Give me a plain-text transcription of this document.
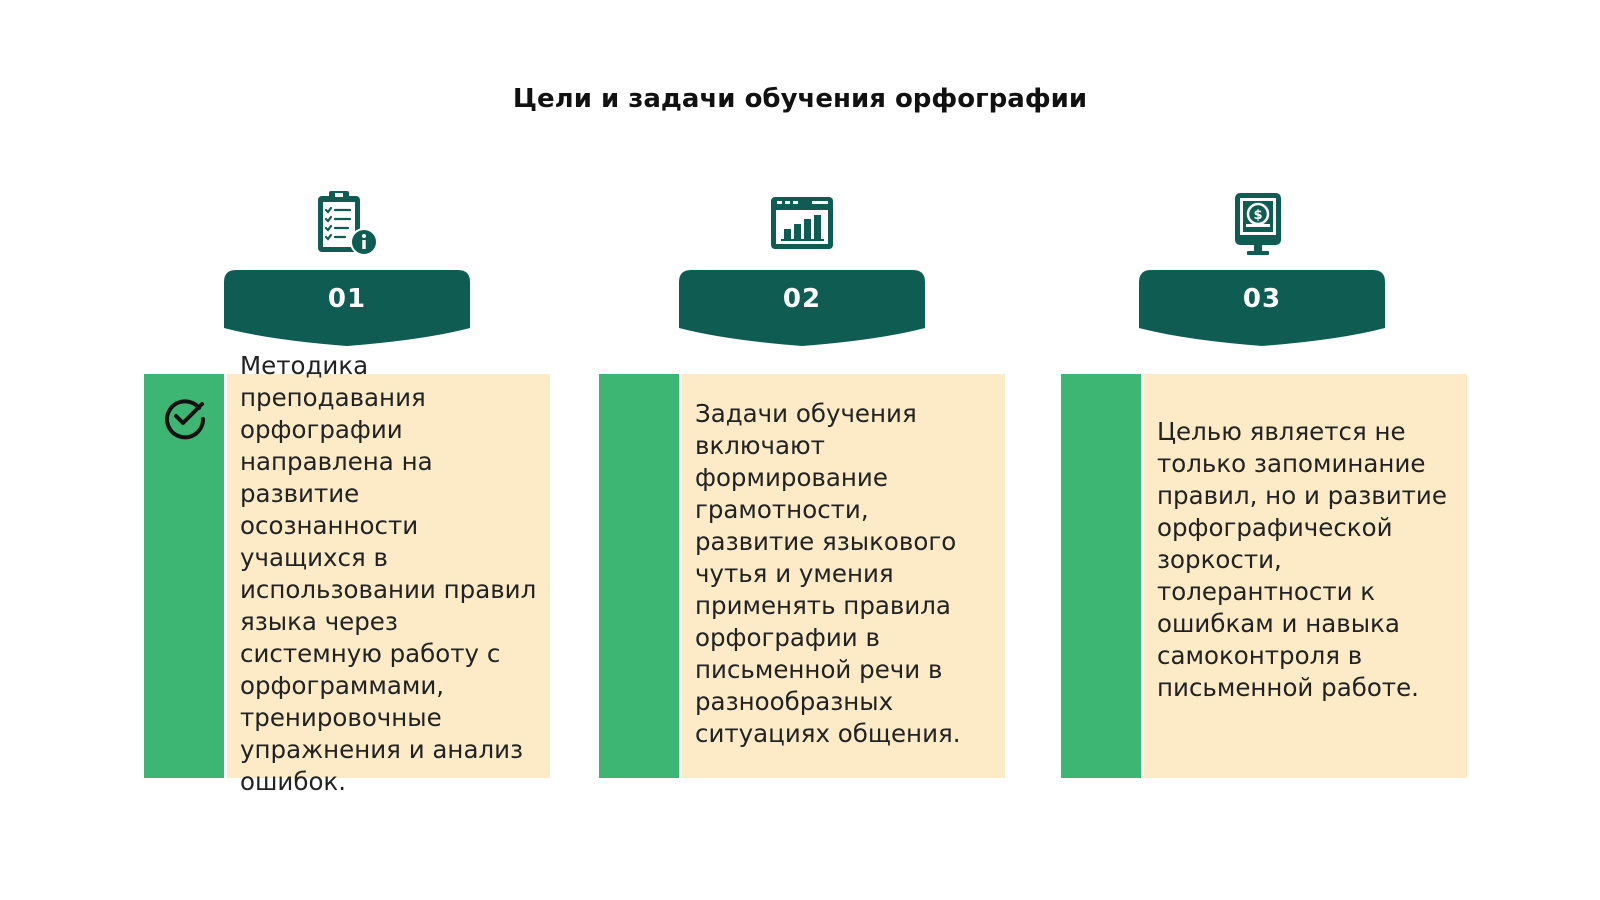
Цели и задачи обучения орфографии
01
Методика преподавания орфографии направлена на развитие осознанности учащихся в использовании правил языка через системную работу с орфограммами, тренировочные упражнения и анализ ошибок.
02
Задачи обучения включают формирование грамотности, развитие языкового чутья и умения применять правила орфографии в письменной речи в разнообразных ситуациях общения.
$
03
Целью является не только запоминание правил, но и развитие орфографической зоркости, толерантности к ошибкам и навыка самоконтроля в письменной работе.
